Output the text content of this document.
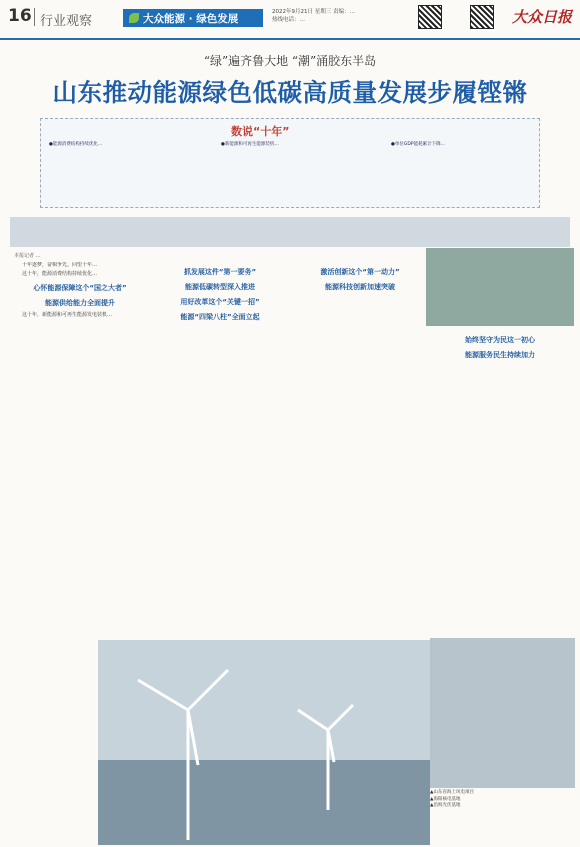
16 行业观察	大众能源 · 绿色发展
2022年9月21日 星期三 责编：…
热线电话：…	大众日报
“绿”遍齐鲁大地 “潮”涌胶东半岛
山东推动能源绿色低碳高质量发展步履铿锵
数说“十年”
●能源消费结构持续优化…	●新能源和可再生能源装机…	●单位GDP能耗累计下降…
本报记者 …

十年逐梦，奋楫争先。回望十年…

这十年，能源消费结构持续优化…

心怀能源保障这个“国之大者”
能源供给能力全面提升

这十年，新能源和可再生能源发电装机…

抓发展这件“第一要务”
能源低碳转型深入推进
用好改革这个“关键一招”
能源“四梁八柱”全面立起
激活创新这个“第一动力”
能源科技创新加速突破
始终坚守为民这一初心
能源服务民生持续加力
▲山东省海上风电项目
▲海阳核电基地
▲沿海光伏基地
